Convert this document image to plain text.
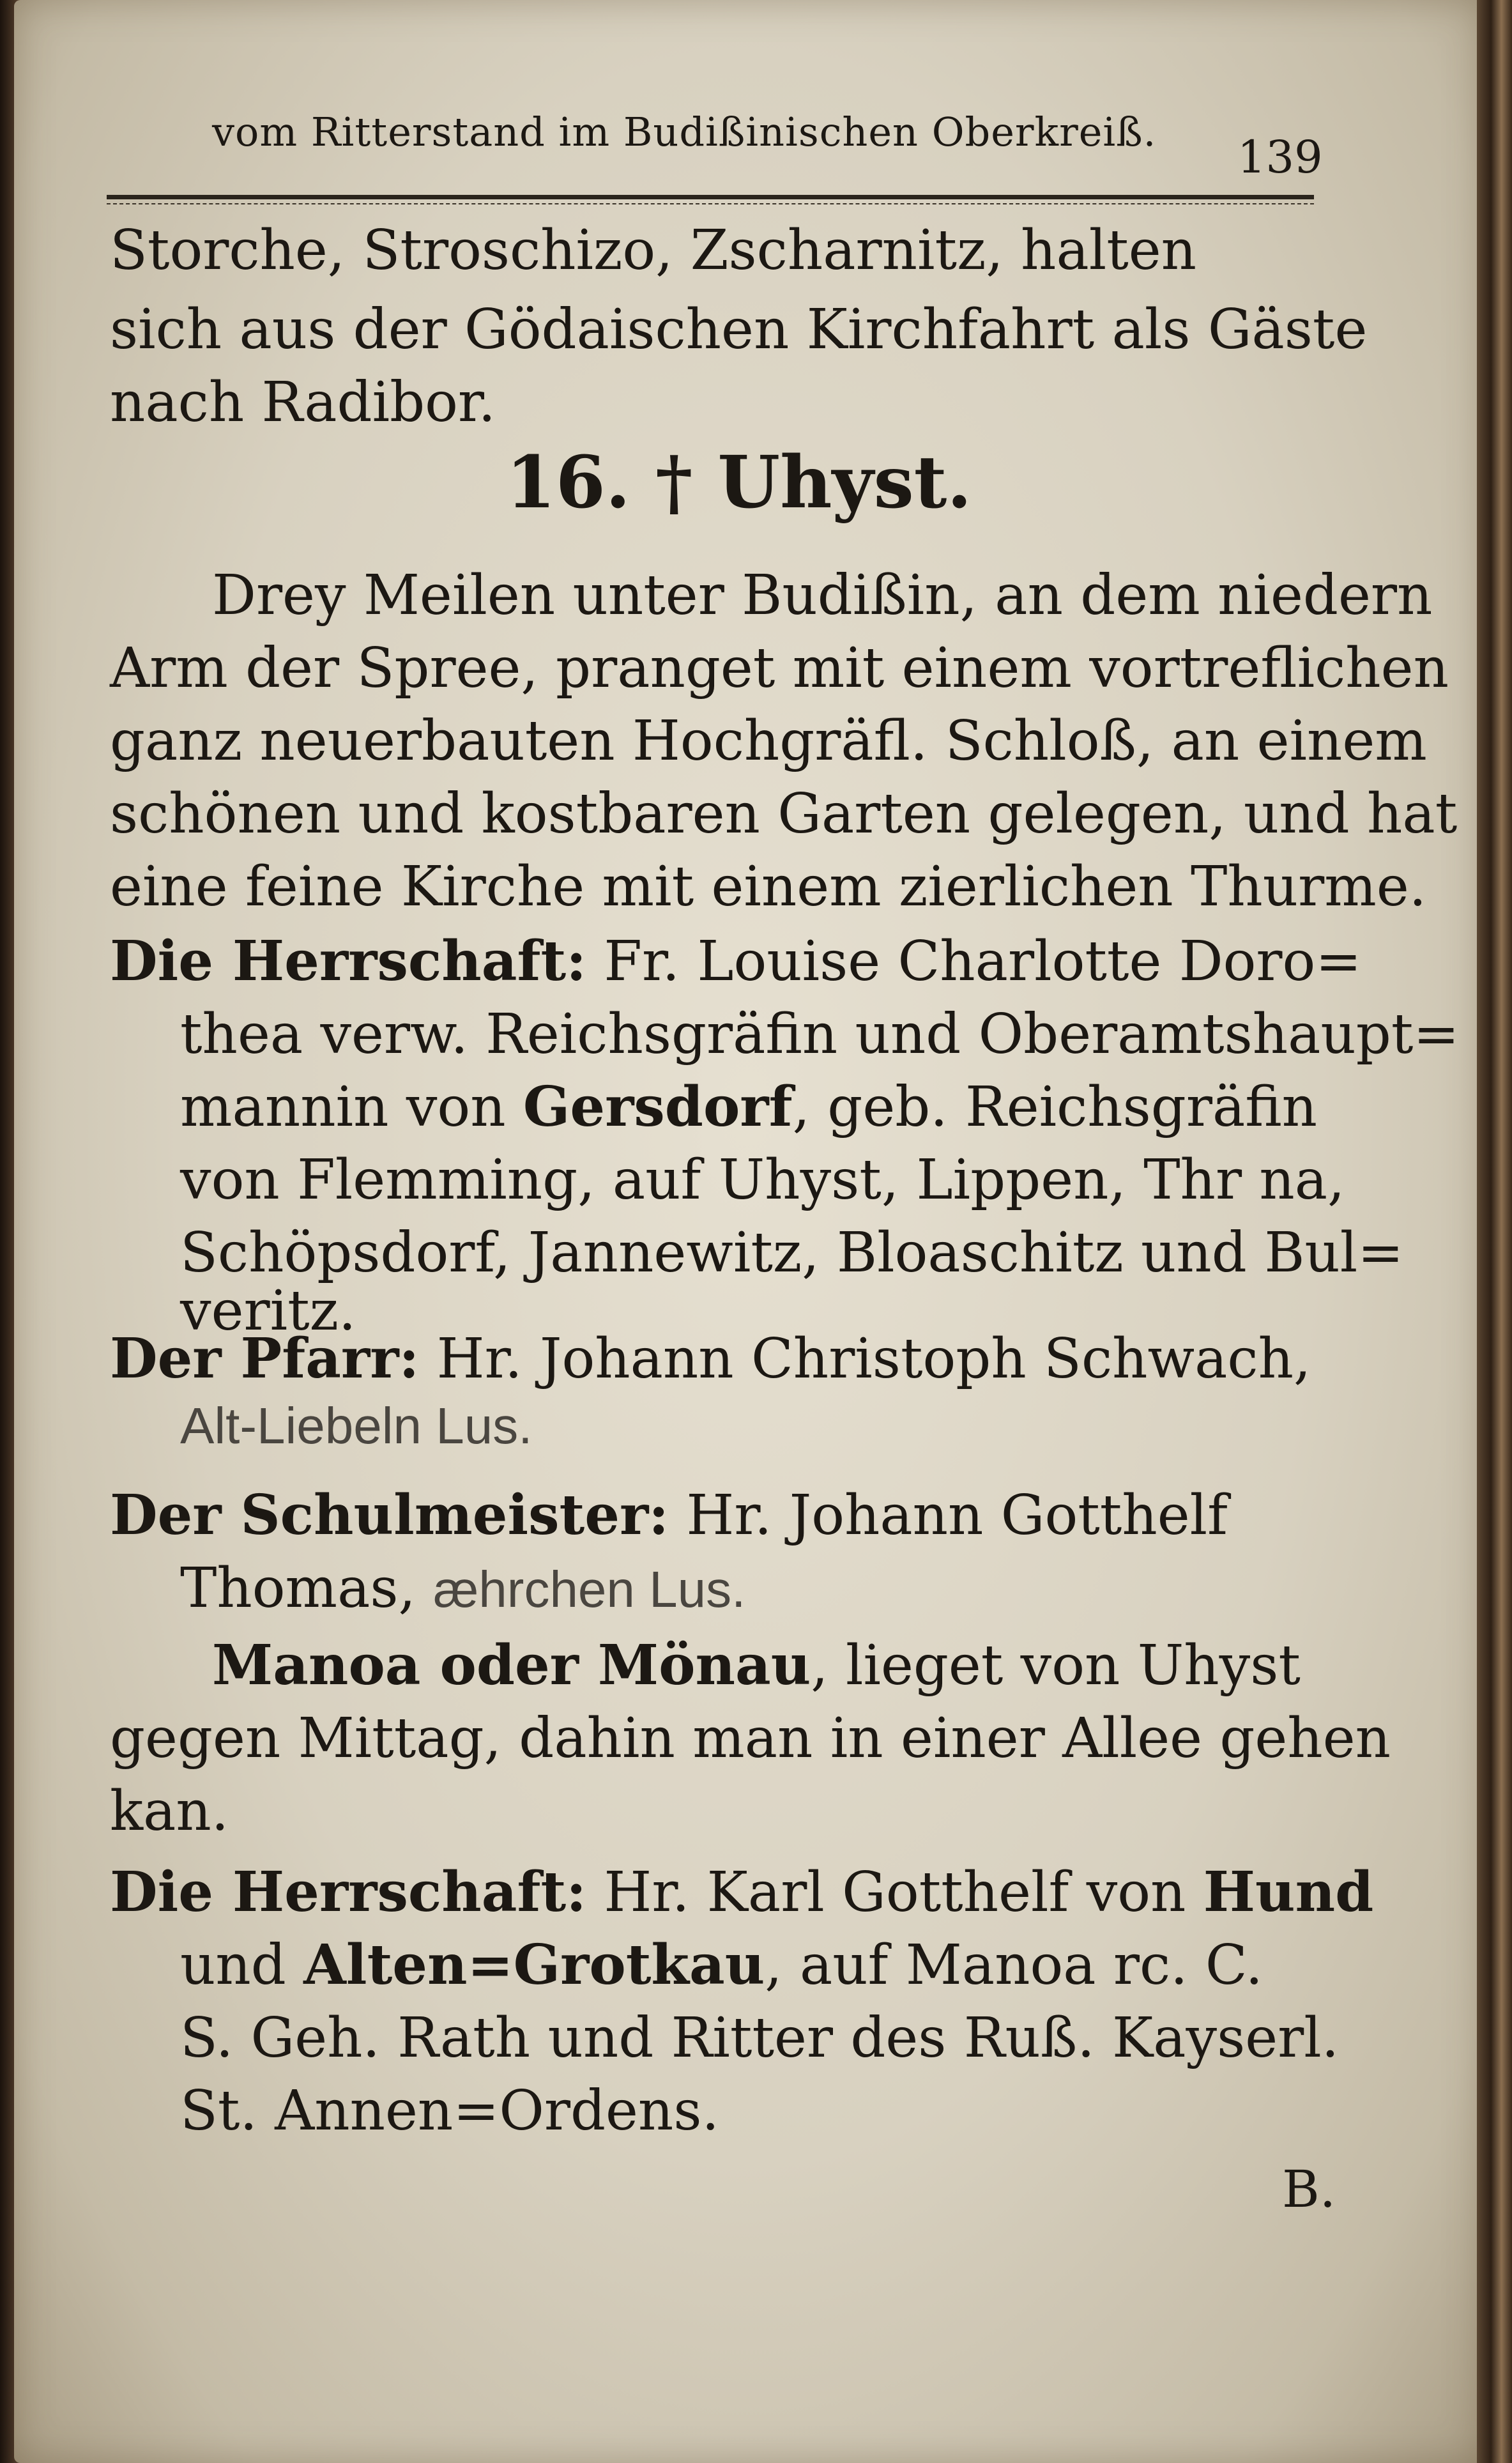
vom Ritterstand im Budißinischen Oberkreiß.	139
Storche, Stroschizo, Zscharnitz, halten
sich aus der Gödaischen Kirchfahrt als Gäste
nach Radibor.
16. † Uhyst.
Drey Meilen unter Budißin, an dem niedern
Arm der Spree, pranget mit einem vortreflichen
ganz neuerbauten Hochgräfl. Schloß, an einem
schönen und kostbaren Garten gelegen, und hat
eine feine Kirche mit einem zierlichen Thurme.
Die Herrschaft: Fr. Louise Charlotte Doro=
thea verw. Reichsgräfin und Oberamtshaupt=
mannin von Gersdorf, geb. Reichsgräfin
von Flemming, auf Uhyst, Lippen, Thr na,
Schöpsdorf, Jannewitz, Bloaschitz und Bul=
veritz.
Der Pfarr: Hr. Johann Christoph Schwach,
Alt-Liebeln Lus.
Der Schulmeister: Hr. Johann Gotthelf
Thomas, æhrchen Lus.
Manoa oder Mönau, lieget von Uhyst
gegen Mittag, dahin man in einer Allee gehen
kan.
Die Herrschaft: Hr. Karl Gotthelf von Hund
und Alten=Grotkau, auf Manoa rc. C.
S. Geh. Rath und Ritter des Ruß. Kayserl.
St. Annen=Ordens.
B.
